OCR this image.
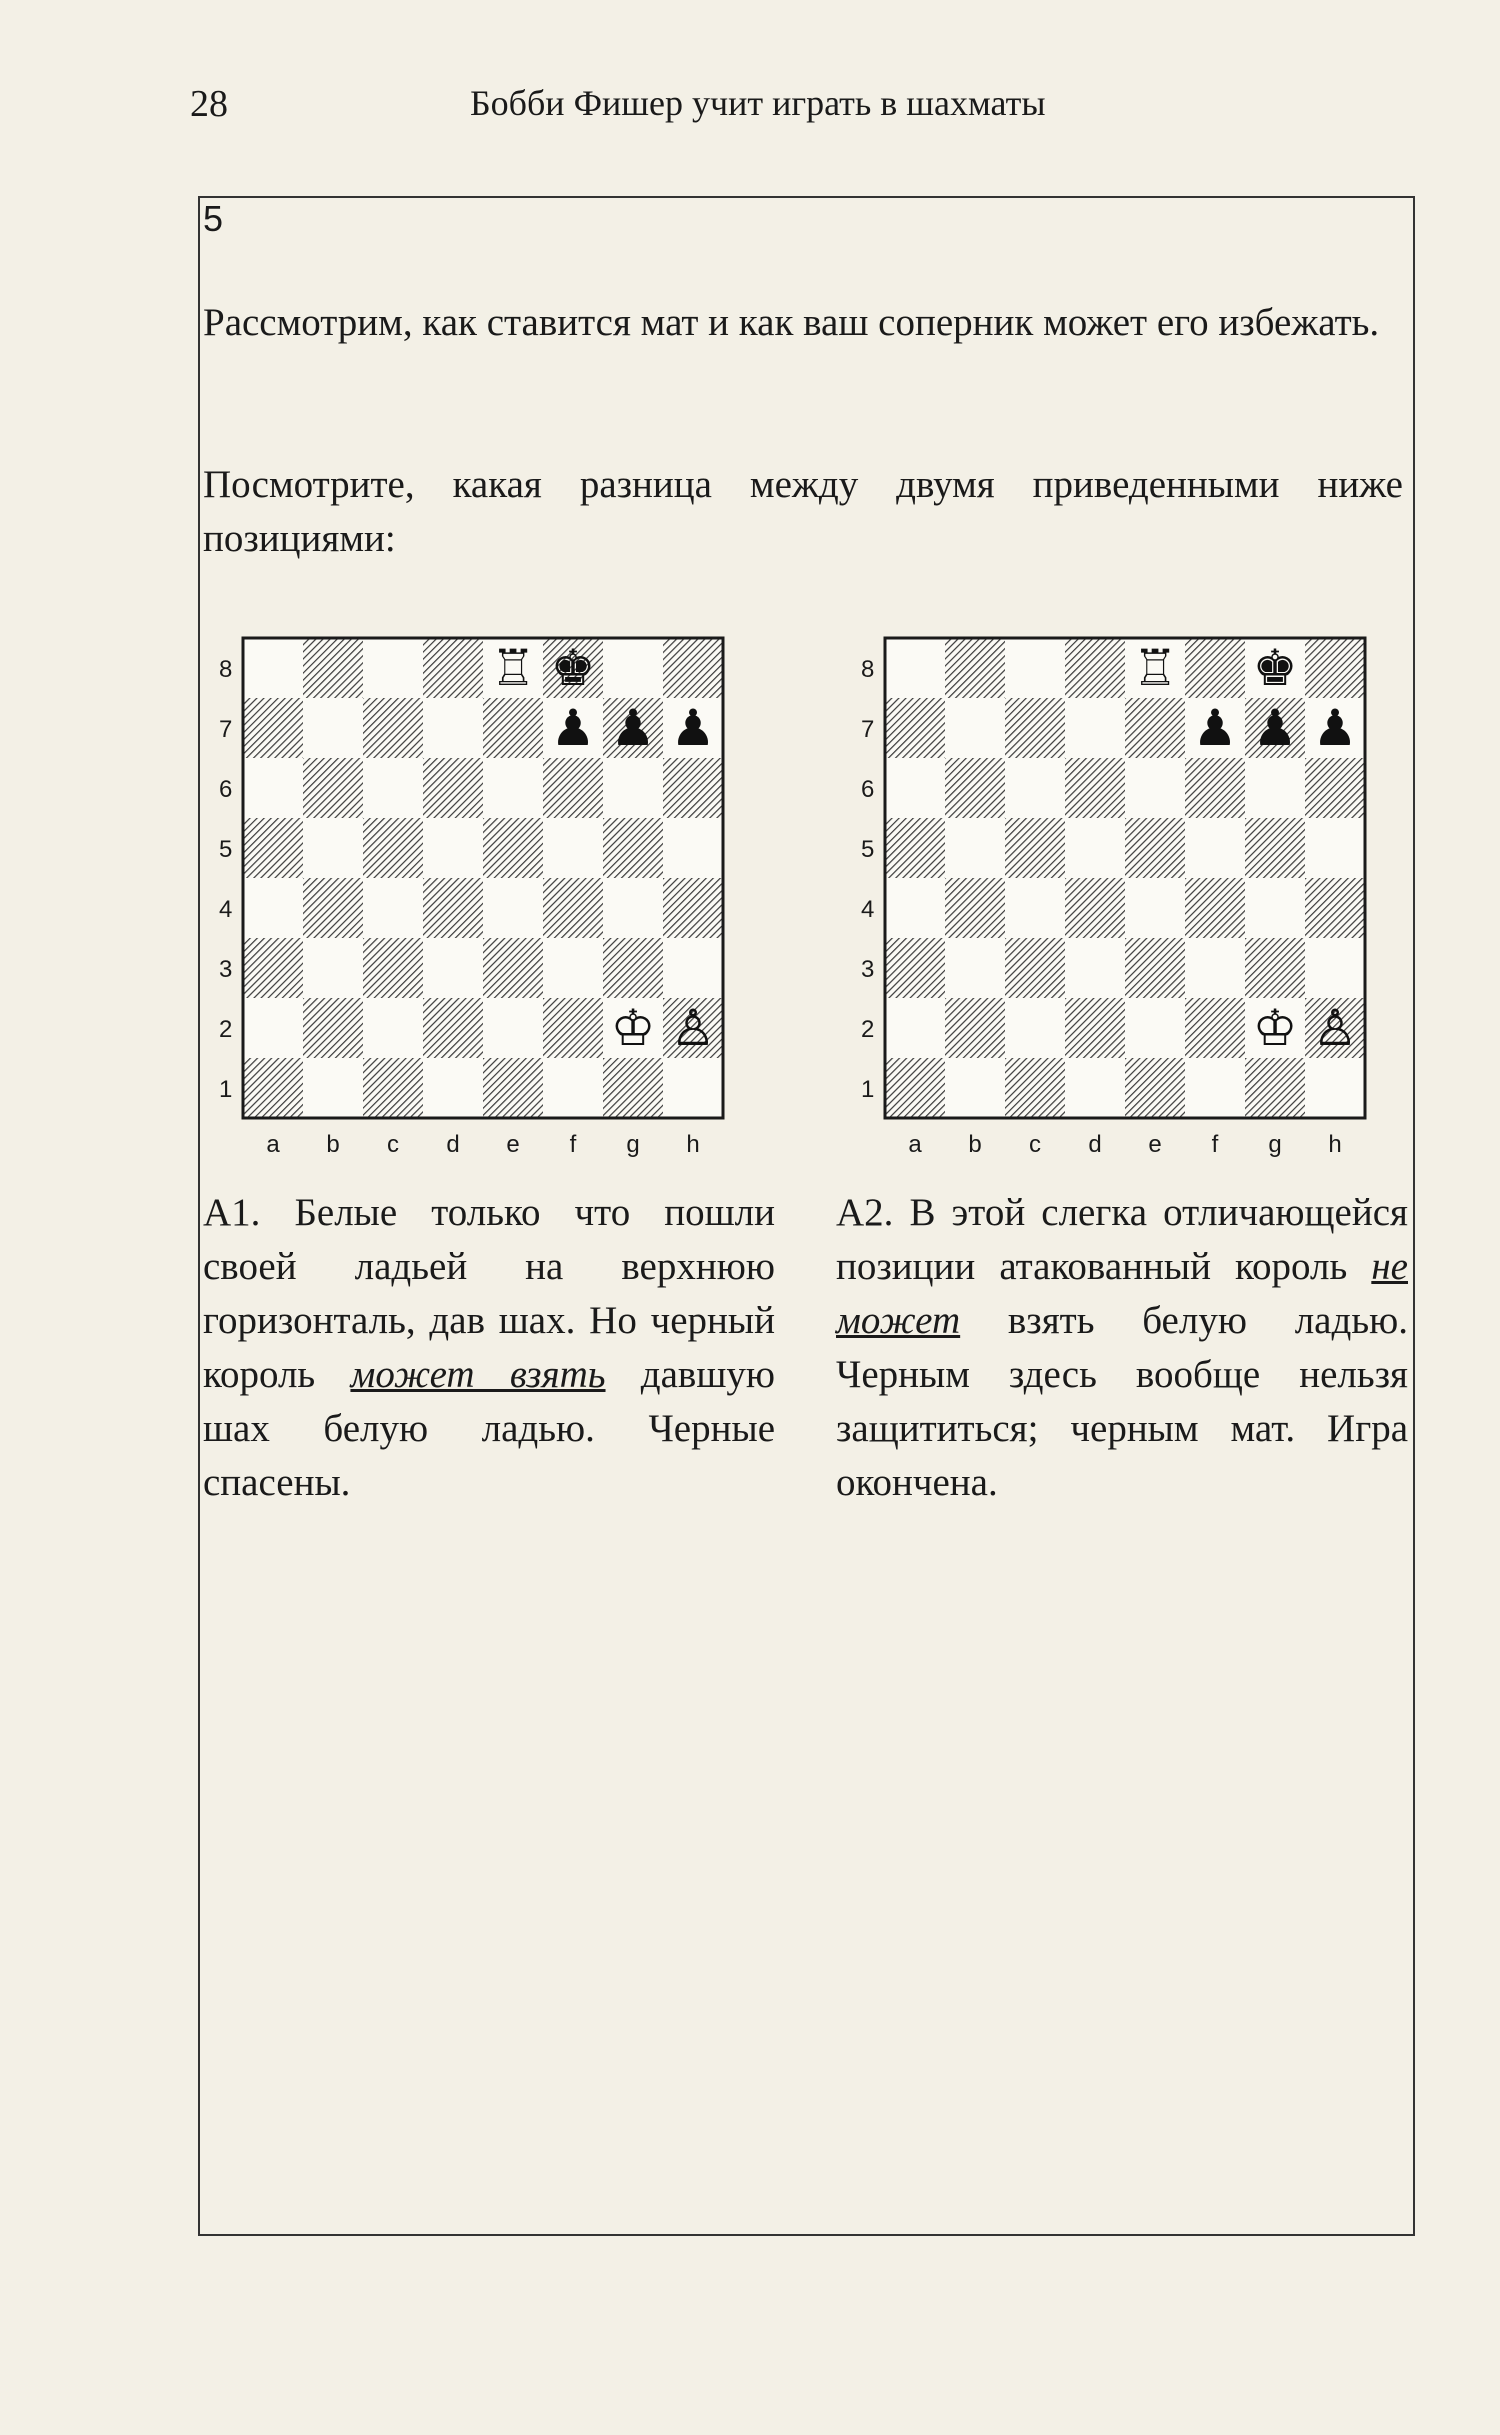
28	Бобби Фишер учит играть в шахматы
5

Рассмотрим, как ставится мат и как ваш соперник может его избежать.

Посмотрите, какая разница между двумя приведенными ниже позициями:

8
7
6
5
4
3
2
1
a b c d e f g h
♖ ♚
♟ ♟ ♟
♔ ♙
8
7
6
5
4
3
2
1
a b c d e f g h
♖ ♚
♟ ♟ ♟
♔ ♙

А1. Белые только что пошли своей ладьей на верхнюю горизонталь, дав шах. Но черный король может взять давшую шах белую ладью. Черные спасены.

А2. В этой слегка отличающейся позиции атакованный король не может взять белую ладью. Черным здесь вообще нельзя защититься; черным мат. Игра окончена.
